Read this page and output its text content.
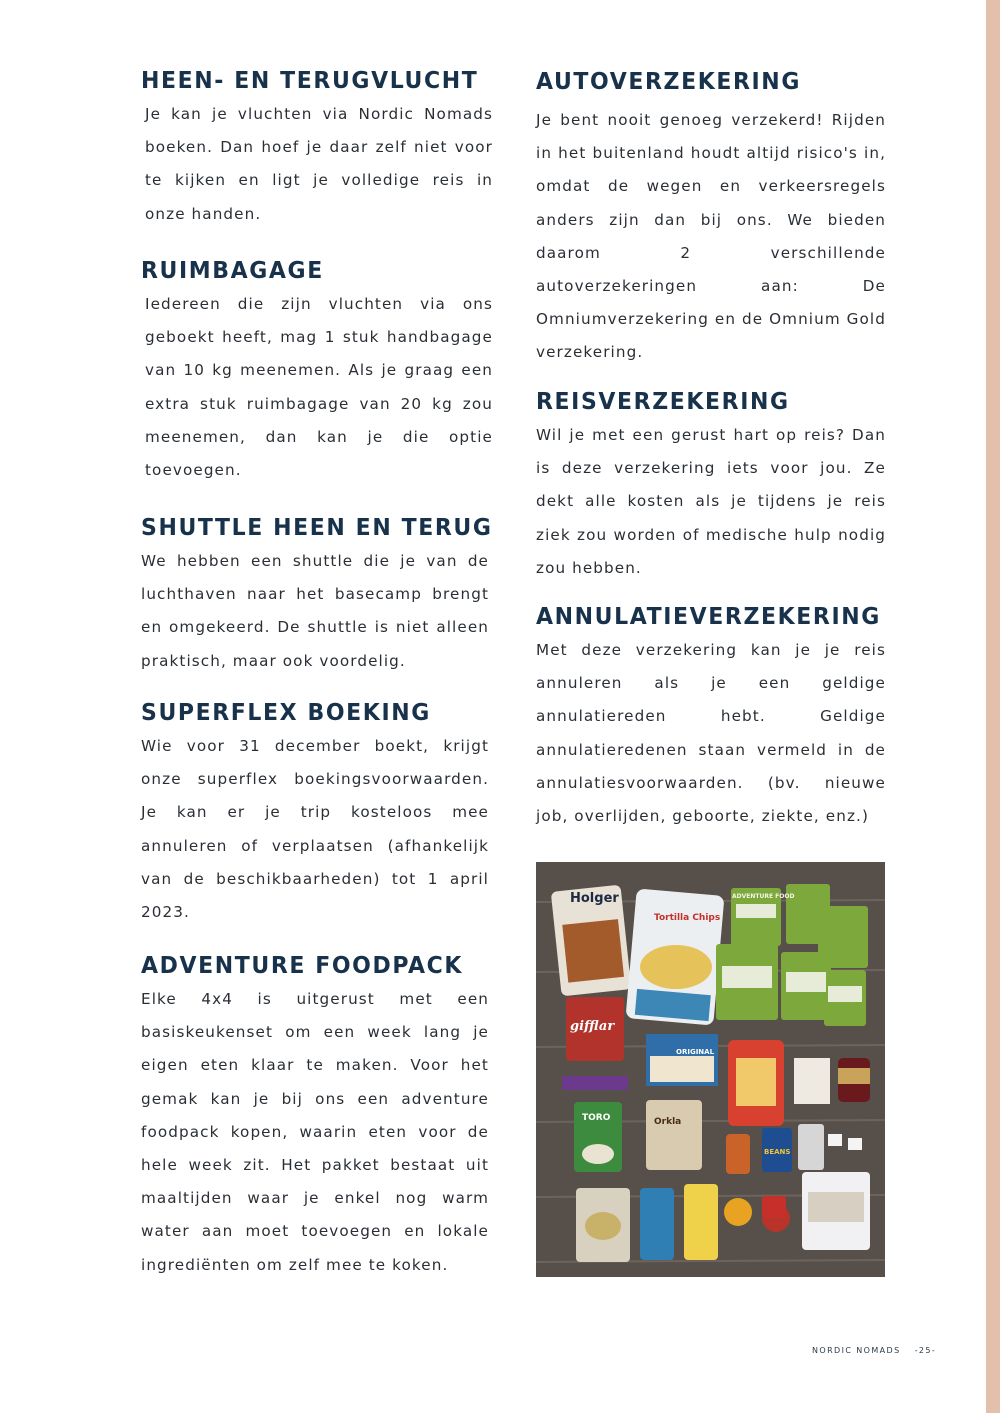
HEEN- EN TERUGVLUCHT

Je kan je vluchten via Nordic Nomads boeken. Dan hoef je daar zelf niet voor te kijken en ligt je volledige reis in onze handen.

RUIMBAGAGE

Iedereen die zijn vluchten via ons geboekt heeft, mag 1 stuk handbagage van 10 kg meenemen. Als je graag een extra stuk ruimbagage van 20 kg zou meenemen, dan kan je die optie toevoegen.

SHUTTLE HEEN EN TERUG

We hebben een shuttle die je van de luchthaven naar het basecamp brengt en omgekeerd. De shuttle is niet alleen praktisch, maar ook voordelig.

SUPERFLEX BOEKING

Wie voor 31 december boekt, krijgt onze superflex boekingsvoorwaarden. Je kan er je trip kosteloos mee annuleren of verplaatsen (afhankelijk van de beschikbaarheden) tot 1 april 2023.

ADVENTURE FOODPACK

Elke 4x4 is uitgerust met een basiskeukenset om een week lang je eigen eten klaar te maken. Voor het gemak kan je bij ons een adventure foodpack kopen, waarin eten voor de hele week zit. Het pakket bestaat uit maaltijden waar je enkel nog warm water aan moet toevoegen en lokale ingrediënten om zelf mee te koken.

AUTOVERZEKERING

Je bent nooit genoeg verzekerd! Rijden in het buitenland houdt altijd risico's in, omdat de wegen en verkeersregels anders zijn dan bij ons. We bieden daarom 2 verschillende autoverzekeringen aan: De Omniumverzekering en de Omnium Gold verzekering.

REISVERZEKERING

Wil je met een gerust hart op reis? Dan is deze verzekering iets voor jou. Ze dekt alle kosten als je tijdens je reis ziek zou worden of medische hulp nodig zou hebben.

ANNULATIEVERZEKERING

Met deze verzekering kan je je reis annuleren als je een geldige annulatiereden hebt. Geldige annulatieredenen staan vermeld in de annulatiesvoorwaarden. (bv. nieuwe job, overlijden, geboorte, ziekte, enz.)

Holger
Tortilla Chips
ADVENTURE FOOD
gifflar
ORIGINAL
TORO	Orkla
BEANS
NORDIC NOMADS -25-
